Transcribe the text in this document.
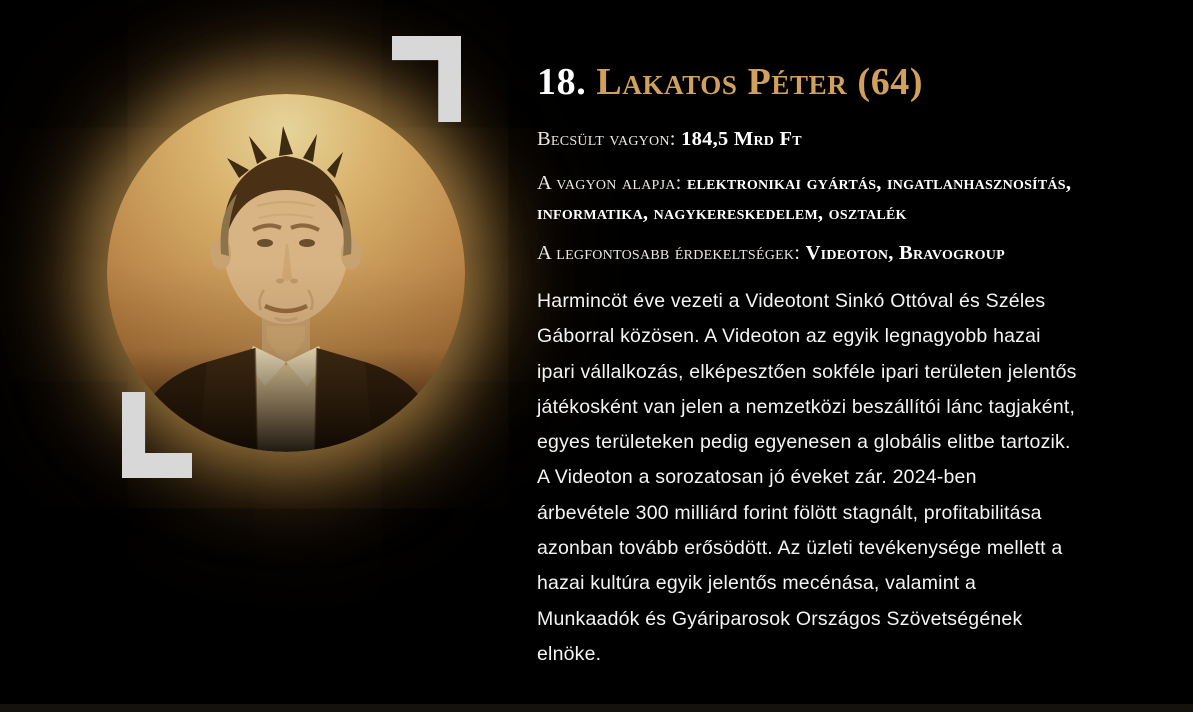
18. Lakatos Péter (64)

Becsült vagyon: 184,5 Mrd Ft

A vagyon alapja: elektronikai gyártás, ingatlanhasznosítás, informatika, nagykereskedelem, osztalék

A legfontosabb érdekeltségek: Videoton, Bravogroup

Harmincöt éve vezeti a Videotont Sinkó Ottóval és Széles
Gáborral közösen. A Videoton az egyik legnagyobb hazai
ipari vállalkozás, elképesztően sokféle ipari területen jelentős
játékosként van jelen a nemzetközi beszállítói lánc tagjaként,
egyes területeken pedig egyenesen a globális elitbe tartozik.
A Videoton a sorozatosan jó éveket zár. 2024-ben
árbevétele 300 milliárd forint fölött stagnált, profitabilitása
azonban tovább erősödött. Az üzleti tevékenysége mellett a
hazai kultúra egyik jelentős mecénása, valamint a
Munkaadók és Gyáriparosok Országos Szövetségének
elnöke.
